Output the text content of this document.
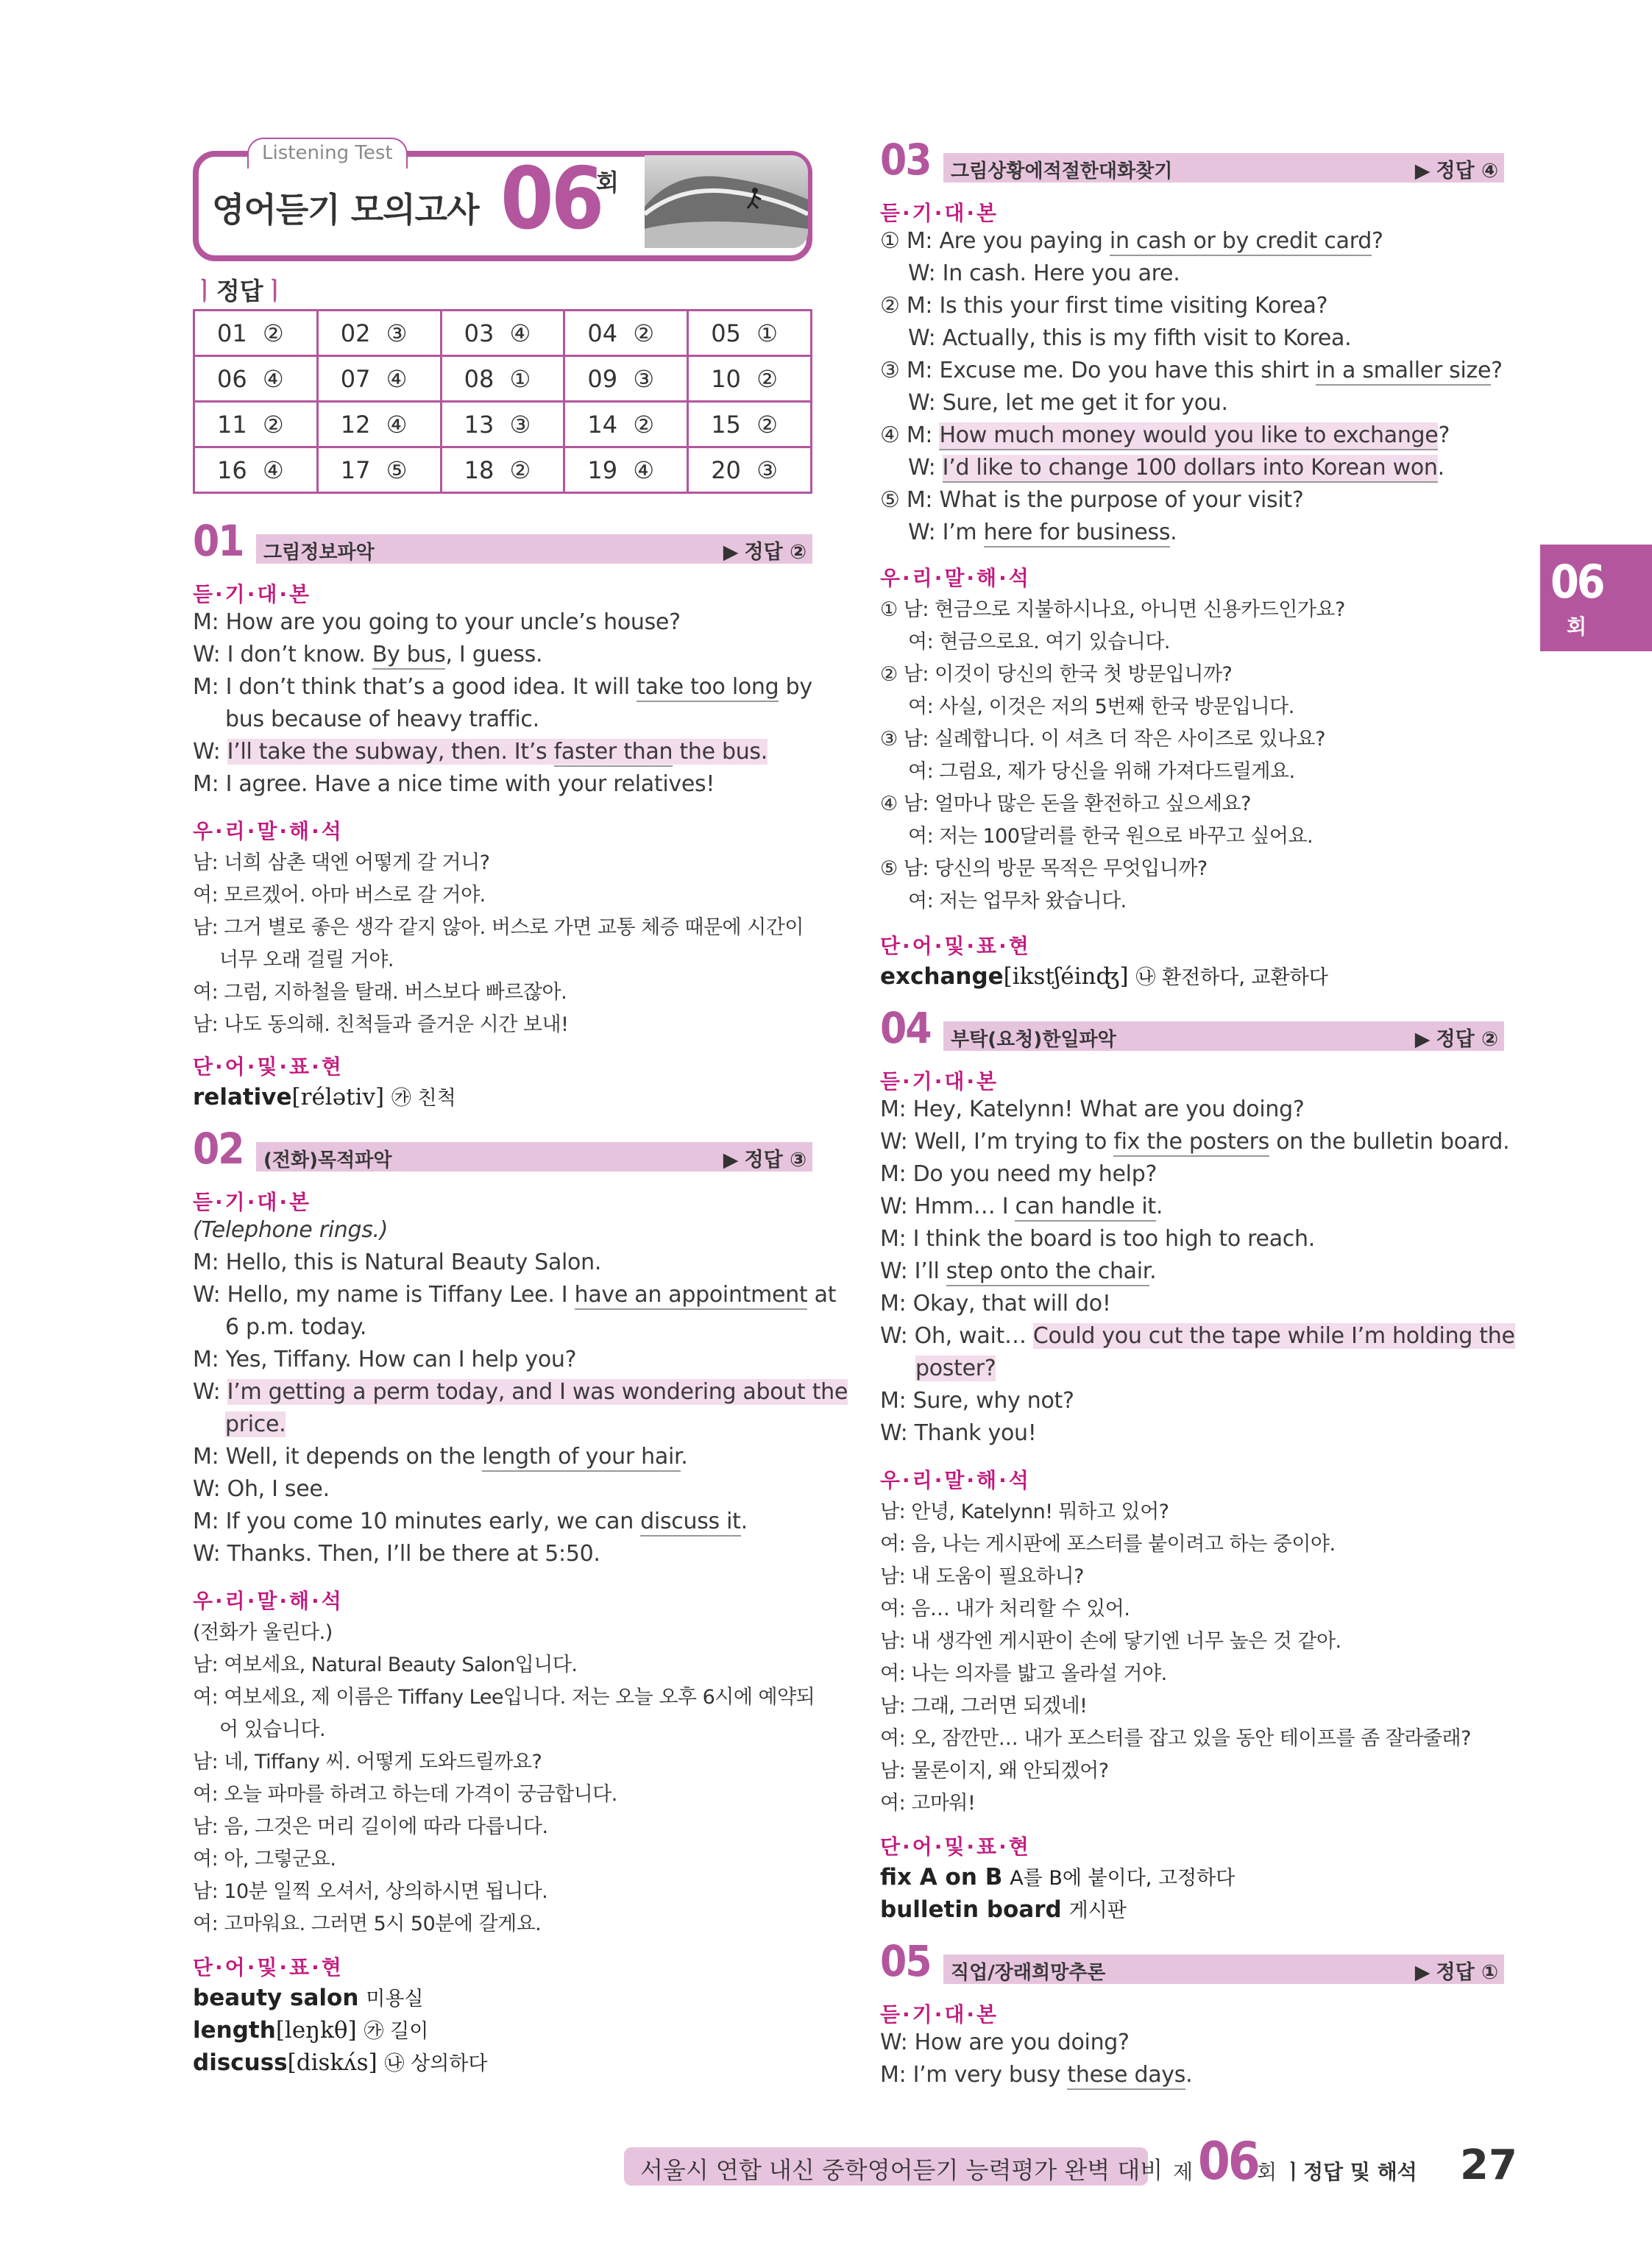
Listening Test
영어듣기 모의고사 06
회
ㅣ정답ㅣ
01 ②	02 ③	03 ④	04 ②	05 ①
06 ④	07 ④	08 ①	09 ③	10 ②
11 ②	12 ④	13 ③	14 ②	15 ②
16 ④	17 ⑤	18 ②	19 ④	20 ③
01 그림정보파악	▶ 정답 ②
듣·기·대·본
M: How are you going to your uncle’s house?
W: I don’t know. By bus, I guess.
M: I don’t think that’s a good idea. It will take too long by
bus because of heavy traffic.
W: I’ll take the subway, then. It’s faster than the bus.
M: I agree. Have a nice time with your relatives!
우·리·말·해·석
남: 너희 삼촌 댁엔 어떻게 갈 거니?
여: 모르겠어. 아마 버스로 갈 거야.
남: 그거 별로 좋은 생각 같지 않아. 버스로 가면 교통 체증 때문에 시간이
너무 오래 걸릴 거야.
여: 그럼, 지하철을 탈래. 버스보다 빠르잖아.
남: 나도 동의해. 친척들과 즐거운 시간 보내!
단·어·및·표·현
relative[rélətiv] ㉮ 친척
02 (전화)목적파악	▶ 정답 ③
듣·기·대·본
(Telephone rings.)
M: Hello, this is Natural Beauty Salon.
W: Hello, my name is Tiffany Lee. I have an appointment at
6 p.m. today.
M: Yes, Tiffany. How can I help you?
W: I’m getting a perm today, and I was wondering about the
price.
M: Well, it depends on the length of your hair.
W: Oh, I see.
M: If you come 10 minutes early, we can discuss it.
W: Thanks. Then, I’ll be there at 5:50.
우·리·말·해·석
(전화가 울린다.)
남: 여보세요, Natural Beauty Salon입니다.
여: 여보세요, 제 이름은 Tiffany Lee입니다. 저는 오늘 오후 6시에 예약되
어 있습니다.
남: 네, Tiffany 씨. 어떻게 도와드릴까요?
여: 오늘 파마를 하려고 하는데 가격이 궁금합니다.
남: 음, 그것은 머리 길이에 따라 다릅니다.
여: 아, 그렇군요.
남: 10분 일찍 오셔서, 상의하시면 됩니다.
여: 고마워요. 그러면 5시 50분에 갈게요.
단·어·및·표·현
beauty salon 미용실
length[leŋkθ] ㉮ 길이
discuss[diskʌ́s] ㉯ 상의하다
03 그림상황에적절한대화찾기	▶ 정답 ④
듣·기·대·본
① M: Are you paying in cash or by credit card?
W: In cash. Here you are.
② M: Is this your first time visiting Korea?
W: Actually, this is my fifth visit to Korea.
③ M: Excuse me. Do you have this shirt in a smaller size?
W: Sure, let me get it for you.
④ M: How much money would you like to exchange?
W: I’d like to change 100 dollars into Korean won.
⑤ M: What is the purpose of your visit?
W: I’m here for business.
우·리·말·해·석
① 남: 현금으로 지불하시나요, 아니면 신용카드인가요?
여: 현금으로요. 여기 있습니다.
② 남: 이것이 당신의 한국 첫 방문입니까?
여: 사실, 이것은 저의 5번째 한국 방문입니다.
③ 남: 실례합니다. 이 셔츠 더 작은 사이즈로 있나요?
여: 그럼요, 제가 당신을 위해 가져다드릴게요.
④ 남: 얼마나 많은 돈을 환전하고 싶으세요?
여: 저는 100달러를 한국 원으로 바꾸고 싶어요.
⑤ 남: 당신의 방문 목적은 무엇입니까?
여: 저는 업무차 왔습니다.
단·어·및·표·현
exchange[ikstʃéinʤ] ㉯ 환전하다, 교환하다
04 부탁(요청)한일파악	▶ 정답 ②
듣·기·대·본
M: Hey, Katelynn! What are you doing?
W: Well, I’m trying to fix the posters on the bulletin board.
M: Do you need my help?
W: Hmm… I can handle it.
M: I think the board is too high to reach.
W: I’ll step onto the chair.
M: Okay, that will do!
W: Oh, wait… Could you cut the tape while I’m holding the
poster?
M: Sure, why not?
W: Thank you!
우·리·말·해·석
남: 안녕, Katelynn! 뭐하고 있어?
여: 음, 나는 게시판에 포스터를 붙이려고 하는 중이야.
남: 내 도움이 필요하니?
여: 음… 내가 처리할 수 있어.
남: 내 생각엔 게시판이 손에 닿기엔 너무 높은 것 같아.
여: 나는 의자를 밟고 올라설 거야.
남: 그래, 그러면 되겠네!
여: 오, 잠깐만… 내가 포스터를 잡고 있을 동안 테이프를 좀 잘라줄래?
남: 물론이지, 왜 안되겠어?
여: 고마워!
단·어·및·표·현
fix A on B A를 B에 붙이다, 고정하다
bulletin board 게시판
05 직업/장래희망추론	▶ 정답 ①
듣·기·대·본
W: How are you doing?
M: I’m very busy these days.
06
회
서울시 연합 내신 중학영어듣기 능력평가 완벽 대비 제 06
회 ㅣ정답 및 해석 27
